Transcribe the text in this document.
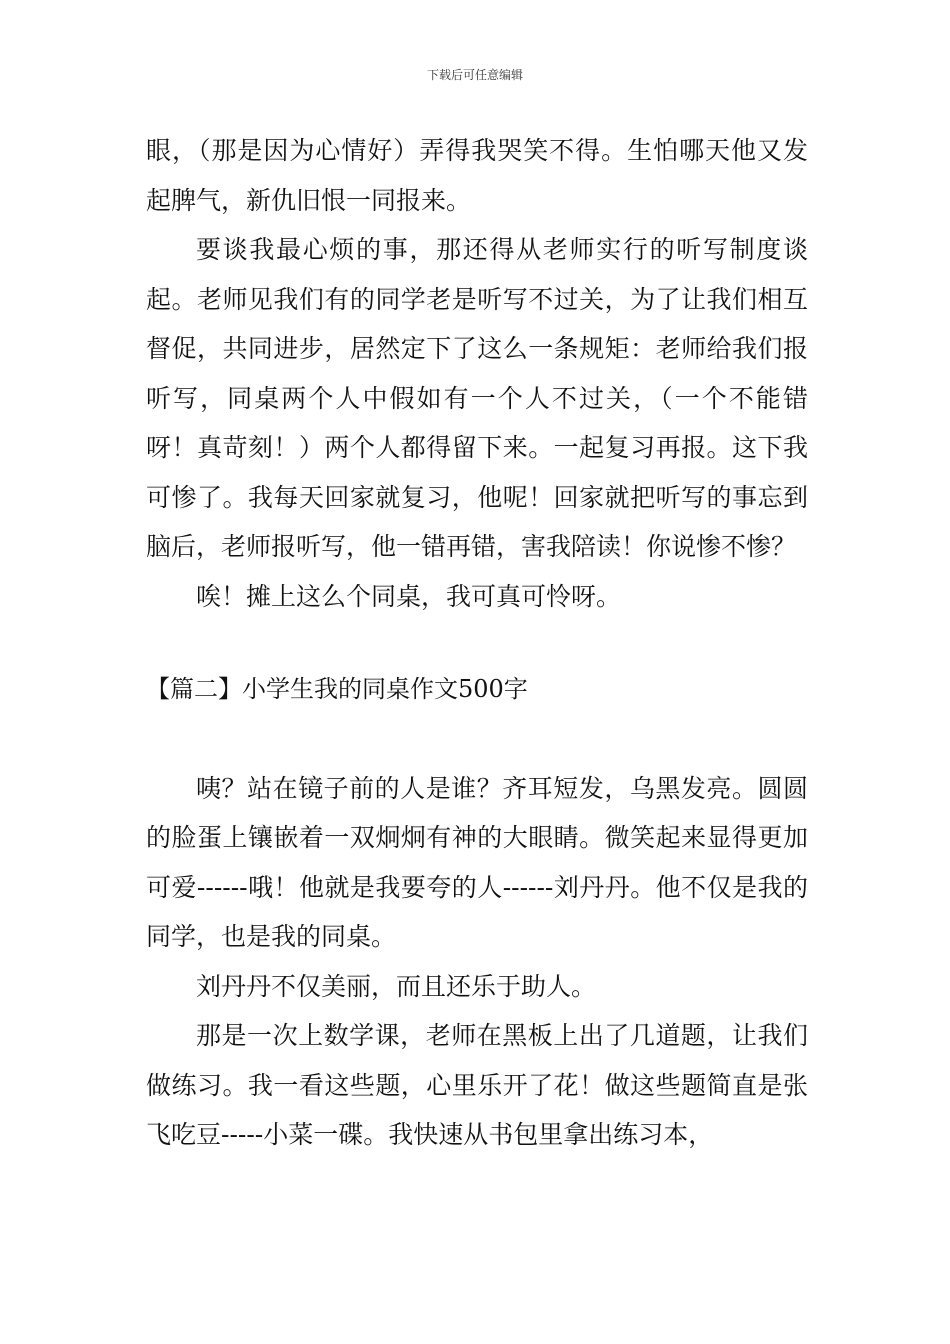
下载后可任意编辑

眼，（那是因为心情好）弄得我哭笑不得。生怕哪天他又发起脾气，新仇旧恨一同报来。

要谈我最心烦的事，那还得从老师实行的听写制度谈起。老师见我们有的同学老是听写不过关，为了让我们相互督促，共同进步，居然定下了这么一条规矩：老师给我们报听写，同桌两个人中假如有一个人不过关，（一个不能错呀！真苛刻！）两个人都得留下来。一起复习再报。这下我可惨了。我每天回家就复习，他呢！回家就把听写的事忘到脑后，老师报听写，他一错再错，害我陪读！你说惨不惨？

唉！摊上这么个同桌，我可真可怜呀。

【篇二】小学生我的同桌作文500字

咦？站在镜子前的人是谁？齐耳短发，乌黑发亮。圆圆的脸蛋上镶嵌着一双炯炯有神的大眼睛。微笑起来显得更加可爱------哦！他就是我要夸的人------刘丹丹。他不仅是我的同学，也是我的同桌。

刘丹丹不仅美丽，而且还乐于助人。

那是一次上数学课，老师在黑板上出了几道题，让我们做练习。我一看这些题，心里乐开了花！做这些题简直是张飞吃豆-----小菜一碟。我快速从书包里拿出练习本，
